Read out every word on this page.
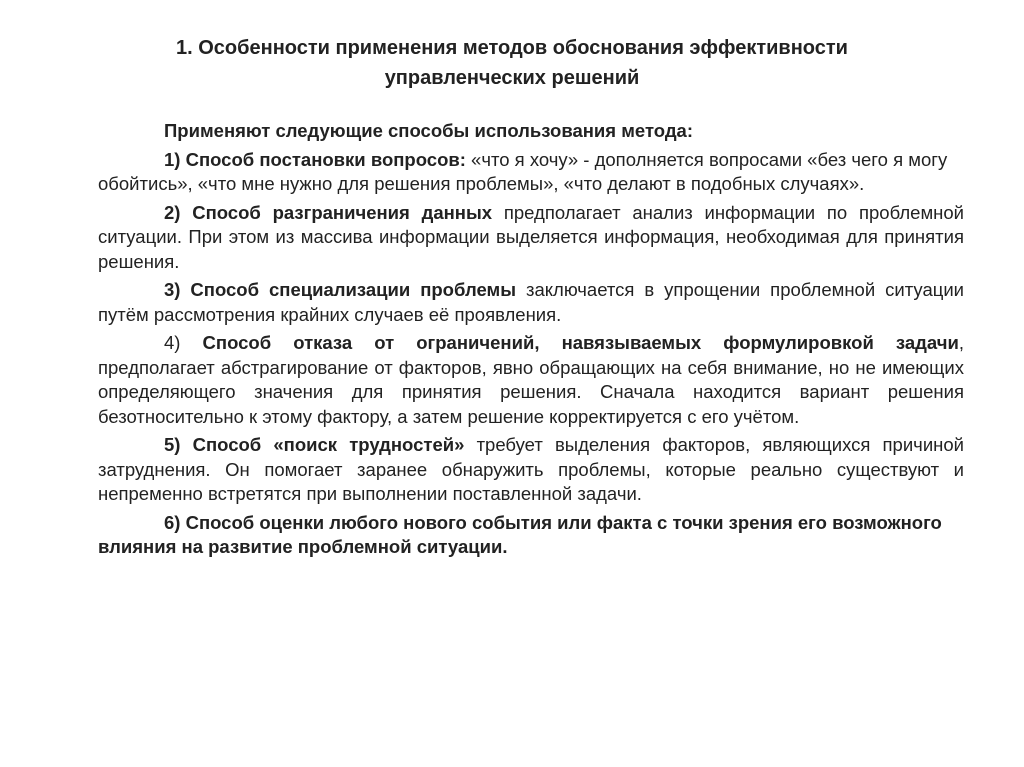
1. Особенности применения методов обоснования эффективности
управленческих решений

Применяют следующие способы использования метода:

1) Способ постановки вопросов: «что я хочу» - дополняется вопросами «без чего я могу обойтись», «что мне нужно для решения проблемы», «что делают в подобных случаях».

2) Способ разграничения данных предполагает анализ информации по проблемной ситуации. При этом из массива информации выделяется информация, необходимая для принятия решения.

3) Способ специализации проблемы заключается в упрощении проблемной ситуации путём рассмотрения крайних случаев её проявления.

4) Способ отказа от ограничений, навязываемых формулировкой задачи, предполагает абстрагирование от факторов, явно обращающих на себя внимание, но не имеющих определяющего значения для принятия решения. Сначала находится вариант решения безотносительно к этому фактору, а затем решение корректируется с его учётом.

5) Способ «поиск трудностей» требует выделения факторов, являющихся причиной затруднения. Он помогает заранее обнаружить проблемы, которые реально существуют и непременно встретятся при выполнении поставленной задачи.

6) Способ оценки любого нового события или факта с точки зрения его возможного влияния на развитие проблемной ситуации.
